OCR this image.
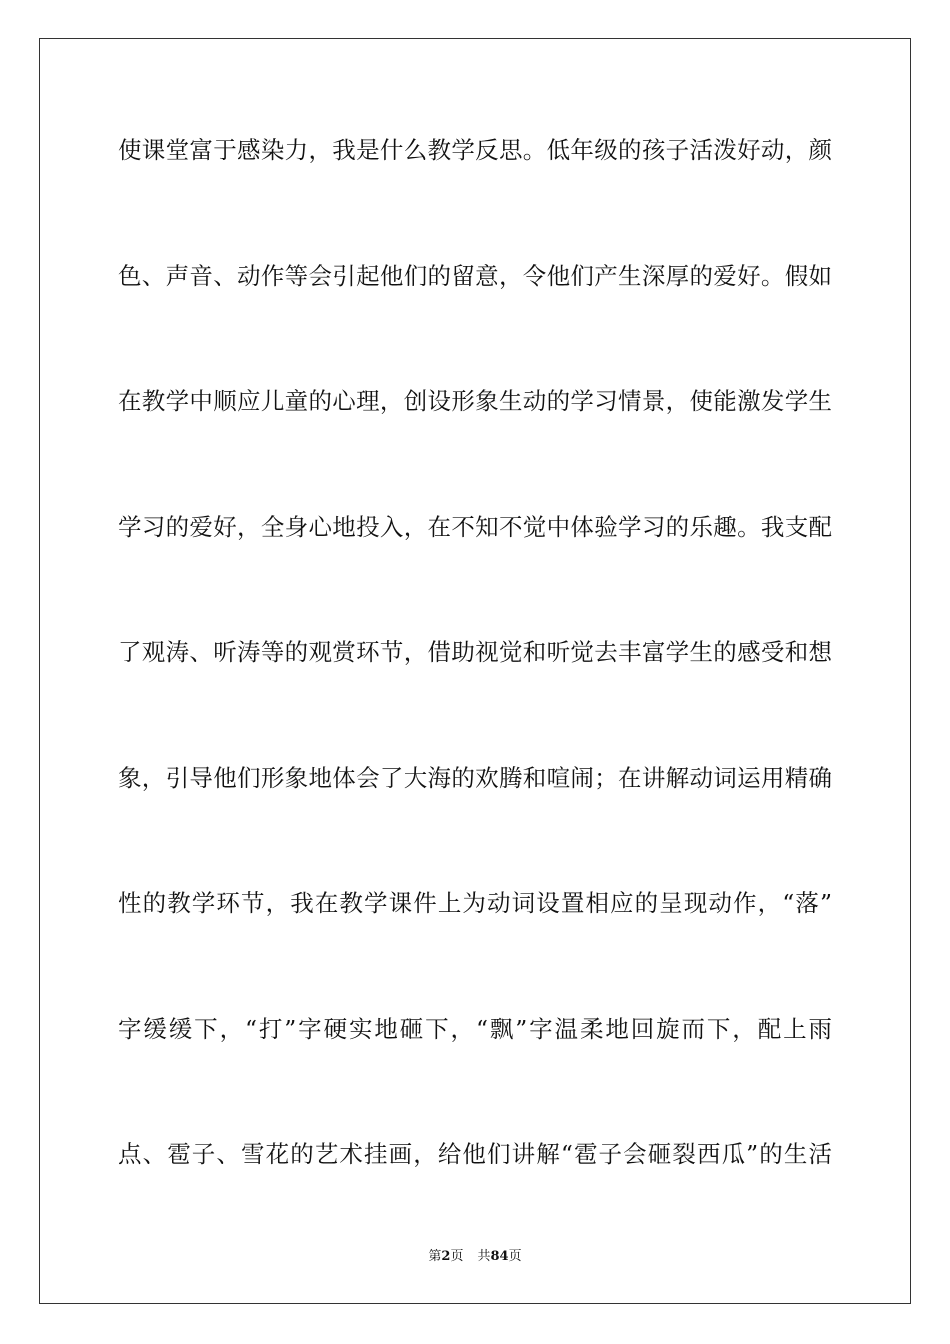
使课堂富于感染力，我是什么教学反思。低年级的孩子活泼好动，颜
色、声音、动作等会引起他们的留意，令他们产生深厚的爱好。假如
在教学中顺应儿童的心理，创设形象生动的学习情景，使能激发学生
学习的爱好，全身心地投入，在不知不觉中体验学习的乐趣。我支配
了观涛、听涛等的观赏环节，借助视觉和听觉去丰富学生的感受和想
象，引导他们形象地体会了大海的欢腾和喧闹；在讲解动词运用精确
性的教学环节，我在教学课件上为动词设置相应的呈现动作，“落”
字缓缓下，“打”字硬实地砸下，“飘”字温柔地回旋而下，配上雨
点、雹子、雪花的艺术挂画，给他们讲解“雹子会砸裂西瓜”的生活
第2页 共84页
